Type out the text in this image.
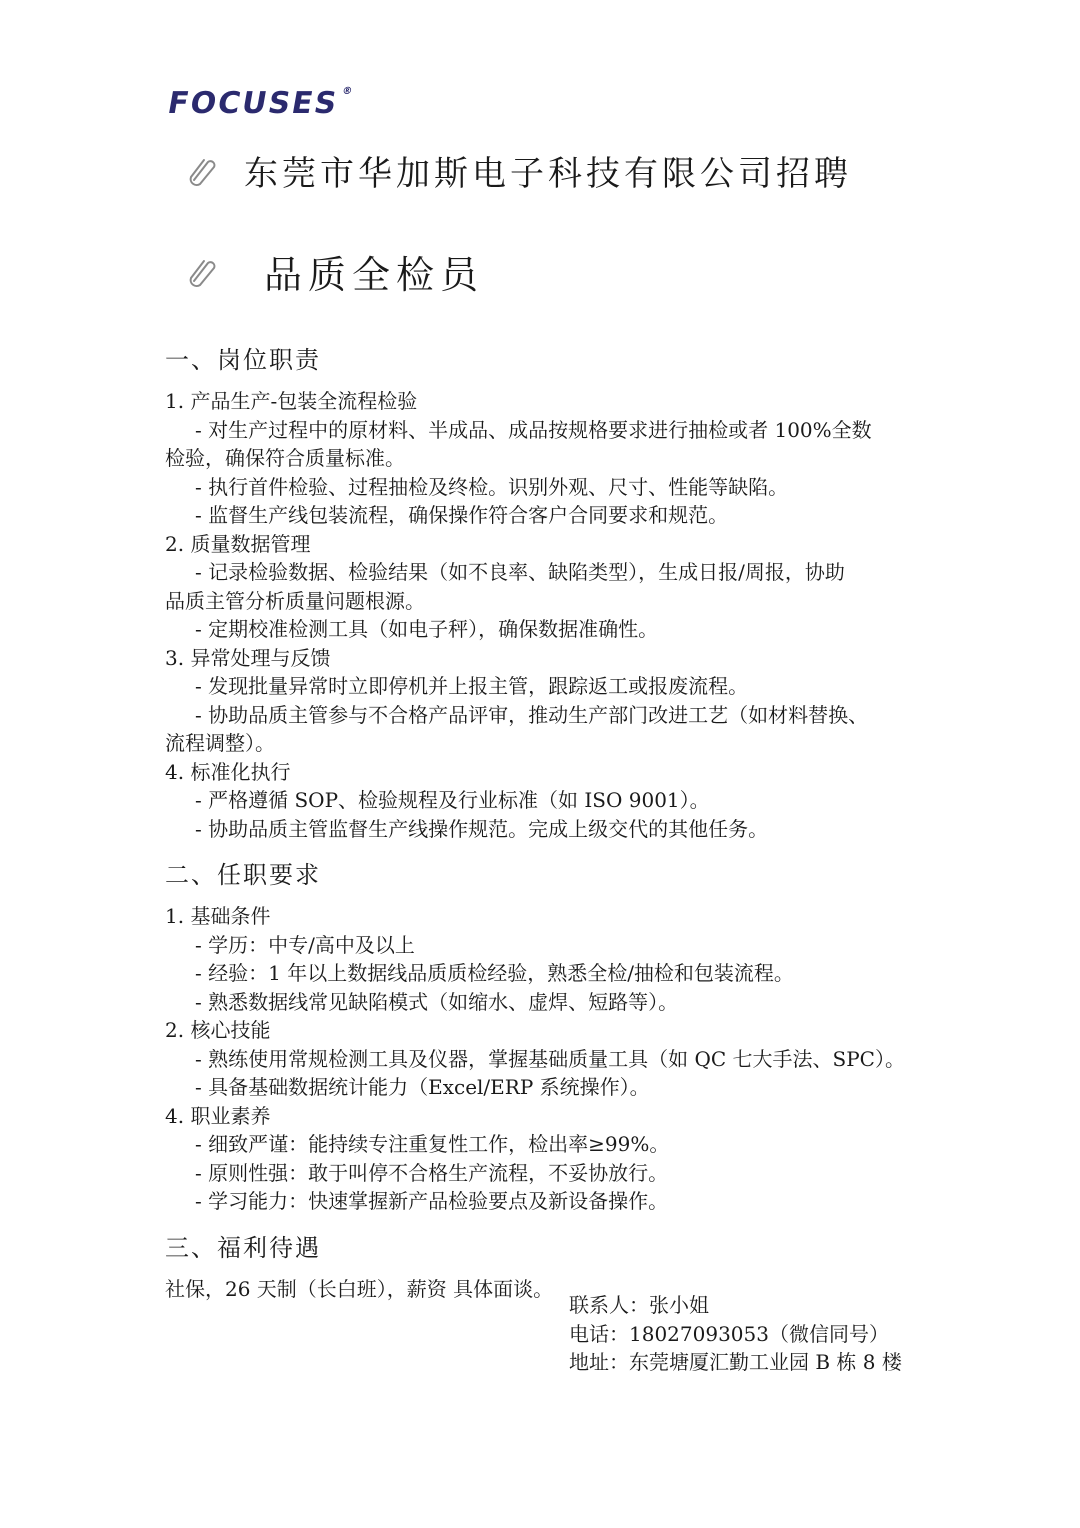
FOCUSES®
东莞市华加斯电子科技有限公司招聘
品质全检员

一、岗位职责

1. 产品生产-包装全流程检验

- 对生产过程中的原材料、半成品、成品按规格要求进行抽检或者 100%全数

检验，确保符合质量标准。

- 执行首件检验、过程抽检及终检。识别外观、尺寸、性能等缺陷。

- 监督生产线包装流程，确保操作符合客户合同要求和规范。

2. 质量数据管理

- 记录检验数据、检验结果（如不良率、缺陷类型），生成日报/周报，协助

品质主管分析质量问题根源。

- 定期校准检测工具（如电子秤），确保数据准确性。

3. 异常处理与反馈

- 发现批量异常时立即停机并上报主管，跟踪返工或报废流程。

- 协助品质主管参与不合格产品评审，推动生产部门改进工艺（如材料替换、

流程调整）。

4. 标准化执行

- 严格遵循 SOP、检验规程及行业标准（如 ISO 9001）。

- 协助品质主管监督生产线操作规范。完成上级交代的其他任务。

二、任职要求

1. 基础条件

- 学历：中专/高中及以上

- 经验：1 年以上数据线品质质检经验，熟悉全检/抽检和包装流程。

- 熟悉数据线常见缺陷模式（如缩水、虚焊、短路等）。

2. 核心技能

- 熟练使用常规检测工具及仪器，掌握基础质量工具（如 QC 七大手法、SPC）。

- 具备基础数据统计能力（Excel/ERP 系统操作）。

4. 职业素养

- 细致严谨：能持续专注重复性工作，检出率≥99%。

- 原则性强：敢于叫停不合格生产流程，不妥协放行。

- 学习能力：快速掌握新产品检验要点及新设备操作。

三、福利待遇

社保，26 天制（长白班），薪资 具体面谈。

联系人：张小姐

电话：18027093053（微信同号）

地址：东莞塘厦汇勤工业园 B 栋 8 楼
